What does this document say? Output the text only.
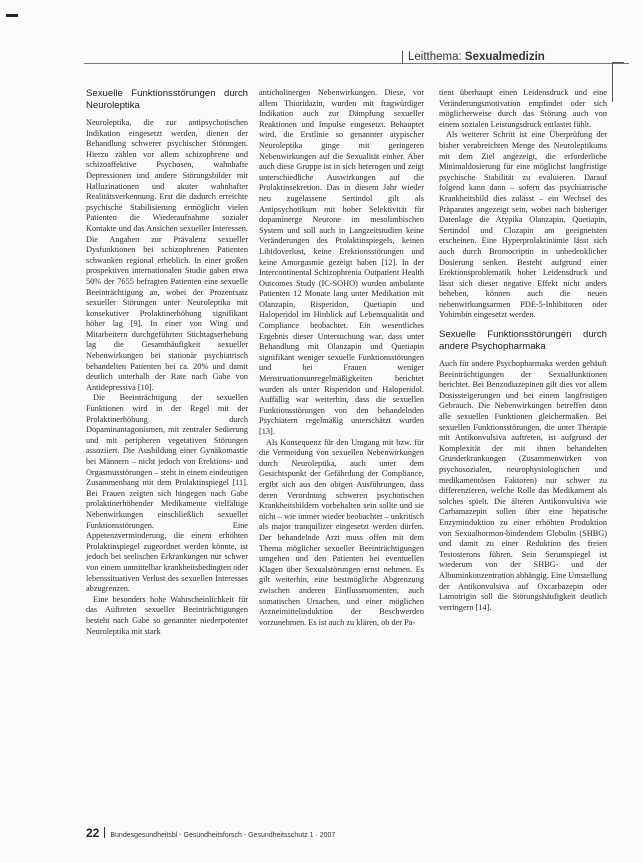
Leitthema: Sexualmedizin
Sexuelle Funktionsstörungen durch Neuroleptika

Neuroleptika, die zur antipsychotischen Indikation eingesetzt werden, dienen der Behandlung schwerer psychischer Störungen. Hierzu zählen vor allem schizophrene und schizoaffektive Psychosen, wahnhafte Depressionen und andere Störungsbilder mit Halluzinationen und akuter wahnhafter Realitätsverkennung. Erst die dadurch erreichte psychische Stabilisierung ermöglicht vielen Patienten die Wiederaufnahme sozialer Kontakte und das Ansichen sexueller Interessen. Die Angaben zur Prävalenz sexueller Dysfunktionen bei schizophrenen Patienten schwanken regional erheblich. In einer großen prospektiven internationalen Studie gaben etwa 50% der 7655 befragten Patienten eine sexuelle Beeinträchtigung an, wobei der Prozentsatz sexueller Störungen unter Neuroleptika mit konsekutiver Prolaktinerhöhung signifikant höher lag [9]. In einer von Wing und Mitarbeitern durchgeführten Stichtagserhebung lag die Gesamthäufigkeit sexueller Nebenwirkungen bei stationär psychiatrisch behandelten Patienten bei ca. 20% und damit deutlich unterhalb der Rate nach Gabe von Antidepressiva [10].

Die Beeinträchtigung der sexuellen Funktionen wird in der Regel mit der Prolaktinerhöhung durch Dopaminantagonismen, mit zentraler Sedierung und mit peripheren vegetativen Störungen assoziiert. Die Ausbildung einer Gynäkomastie bei Männern – nicht jedoch von Erektions- und Orgasmusstörungen – steht in einem eindeutigen Zusammenhang mit dem Prolaktinspiegel [11]. Bei Frauen zeigten sich hingegen nach Gabe prolaktinerhöhender Medikamente vielfältige Nebenwirkungen einschließlich sexueller Funktionsstörungen. Eine Appetenzverminderung, die einem erhöhten Prolaktinspiegel zugeordnet werden könnte, ist jedoch bei seelischen Erkrankungen nur schwer von einem unmittelbar krankheitsbedingten oder lebenssituativen Verlust des sexuellen Interesses abzugrenzen.

Eine besonders hohe Wahrscheinlichkeit für das Auftreten sexueller Beeinträchtigungen besteht nach Gabe so genannter niederpotenter Neuroleptika mit stark

anticholinergen Nebenwirkungen. Diese, vor allem Thioridazin, wurden mit fragwürdiger Indikation auch zur Dämpfung sexueller Reaktionen und Impulse eingesetzt. Behauptet wird, die Erstlinie so genannter atypischer Neuroleptika ginge mit geringeren Nebenwirkungen auf die Sexualität einher. Aber auch diese Gruppe ist in sich heterogen und zeigt unterschiedliche Auswirkungen auf die Prolaktinsekretion. Das in diesem Jahr wieder neu zugelassene Sertindol gilt als Antipsychotikum mit hoher Selektivität für dopaminerge Neurone im mesolimbischen System und soll auch in Langzeitstudien keine Veränderungen des Prolaktinspiegels, keinen Libidoverlust, keine Erektionsstörungen und keine Amorgasmie gezeigt haben [12]. In der Intercontinental Schizophrenia Outpatient Health Outcomes Study (IC-SOHO) wurden ambulante Patienten 12 Monate lang unter Medikation mit Olanzapin, Risperidon, Quetiapin und Haloperidol im Hinblick auf Lebensqualität und Compliance beobachtet. Ein wesentliches Ergebnis dieser Untersuchung war, dass unter Behandlung mit Olanzapin und Quetiapin signifikant weniger sexuelle Funktionsstörungen und bei Frauen weniger Menstruationsunregelmäßigkeiten berichtet wurden als unter Risperidon und Haloperidol. Auffällig war weiterhin, dass die sexuellen Funktionsstörungen von den behandelnden Psychiatern regelmäßig unterschätzt wurden [13].

Als Konsequenz für den Umgang mit bzw. für die Vermeidung von sexuellen Nebenwirkungen durch Neuroleptika, auch unter dem Gesichtspunkt der Gefährdung der Compliance, ergibt sich aus den obigen Ausführungen, dass deren Verordnung schweren psychotischen Krankheitsbildern vorbehalten sein sollte und sie nicht – wie immer wieder beobachtet – unkritisch als major tranquilizer eingesetzt werden dürfen. Der behandelnde Arzt muss offen mit dem Thema möglicher sexueller Beeinträchtigungen umgehen und den Patienten bei eventuellen Klagen über Sexualstörungen ernst nehmen. Es gilt weiterhin, eine bestmögliche Abgrenzung zwischen anderen Einflussmomenten, auch somatischen Ursachen, und einer möglichen Arzneimittelinduktion der Beschwerden vorzunehmen. Es ist auch zu klären, ob der Pa-

tient überhaupt einen Leidensdruck und eine Veränderungsmotivation empfindet oder sich möglicherweise durch das Störung auch von einem sozialen Leistungsdruck entlastet fühlt.

Als weiterer Schritt ist eine Überprüfung der bisher verabreichten Menge des Neuroleptikums mit dem Ziel angezeigt, die erforderliche Minimaldosierung für eine möglichst langfristige psychische Stabilität zu evaluieren. Darauf folgend kann dann – sofern das psychiatrische Krankheitsbild dies zulässt – ein Wechsel des Präparates angezeigt sein, wobei nach bisheriger Datenlage die Atypika Olanzapin, Quetiapin, Sertindol und Clozapin am geeignetsten erscheinen. Eine Hyperprolaktinämie lässt sich auch durch Bromocriptin in unbedenklicher Dosierung senken. Besteht aufgrund einer Erektionsproblematik hoher Leidensdruck und lässt sich dieser negative Effekt nicht anders beheben, können auch die neuen nebenwirkungsarmen PDE-5-Inhibitoren oder Yohimbin eingesetzt werden.

Sexuelle Funktionsstörungen durch andere Psychopharmaka

Auch für andere Psychopharmaka werden gehäuft Beeinträchtigungen der Sexualfunktionen berichtet. Bei Benzodiazepinen gilt dies vor allem Dosissteigerungen und bei einem langfristigen Gebrauch. Die Nebenwirkungen betreffen dann alle sexuellen Funktionen gleichermaßen. Bei sexuellen Funktionsstörungen, die unter Therapie mit Antikonvulsiva auftreten, ist aufgrund der Komplexität der mit ihnen behandelten Grunderkrankungen (Zusammenwirken von psychosozialen, neurophysiologischen und medikamentösen Faktoren) nur schwer zu differenzieren, welche Rolle das Medikament als solches spielt. Die älteren Antikonvulsiva wie Carbamazepin sollen über eine hepatische Enzyminduktion zu einer erhöhten Produktion von Sexualhormon-bindendem Globulin (SHBG) und damit zu einer Reduktion des freien Testosterons führen. Sein Serumspiegel ist wiederum von der SHBG- und der Albuminkonzentration abhängig. Eine Umstellung der Antikonvulsiva auf Oxcarbazepin oder Lamotrigin soll die Störungshäufigkeit deutlich verringern [14].

22 Bundesgesundheitsbl - Gesundheitsforsch - Gesundheitsschutz 1 · 2007
